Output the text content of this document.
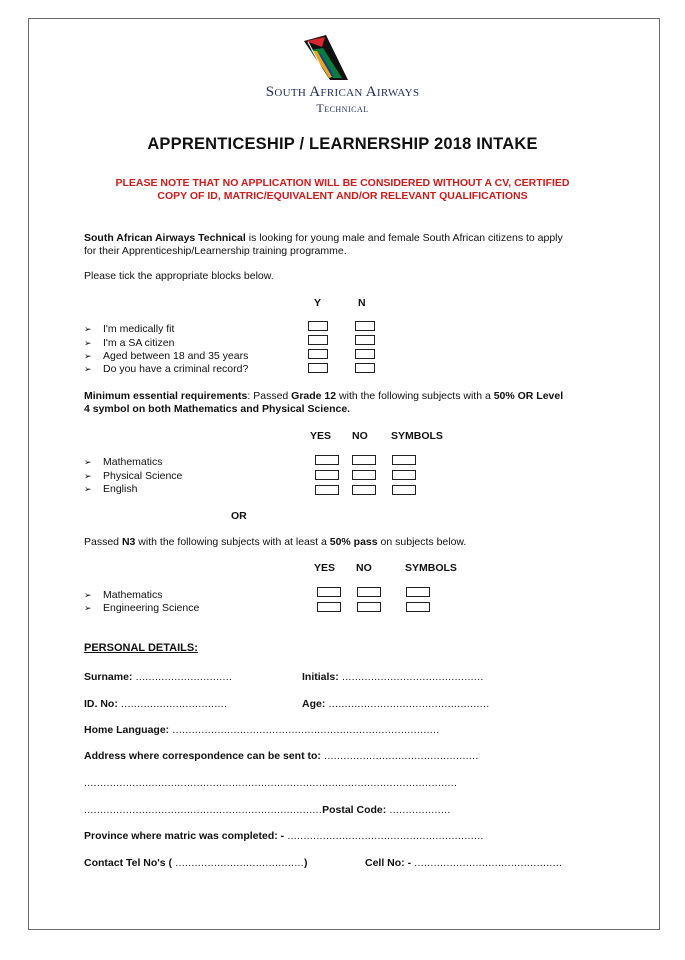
South African Airways
Technical
APPRENTICESHIP / LEARNERSHIP 2018 INTAKE
PLEASE NOTE THAT NO APPLICATION WILL BE CONSIDERED WITHOUT A CV, CERTIFIED
COPY OF ID, MATRIC/EQUIVALENT AND/OR RELEVANT QUALIFICATIONS
South African Airways Technical is looking for young male and female South African citizens to apply
for their Apprenticeship/Learnership training programme.
Please tick the appropriate blocks below.
Y	N
➢ I'm medically fit
➢ I'm a SA citizen
➢ Aged between 18 and 35 years
➢ Do you have a criminal record?
Minimum essential requirements: Passed Grade 12 with the following subjects with a 50% OR Level
4 symbol on both Mathematics and Physical Science.
YES NO SYMBOLS
➢ Mathematics
➢ Physical Science
➢ English
OR
Passed N3 with the following subjects with at least a 50% pass on subjects below.
YES NO	SYMBOLS
➢ Mathematics
➢ Engineering Science
PERSONAL DETAILS:
Surname: ..............................	Initials: ............................................
ID. No: .................................	Age: ..................................................
Home Language: ...................................................................................
Address where correspondence can be sent to: ................................................
....................................................................................................................
..........................................................................Postal Code: ...................
Province where matric was completed: - .............................................................
Contact Tel No's ( ........................................)	Cell No: - ..............................................
